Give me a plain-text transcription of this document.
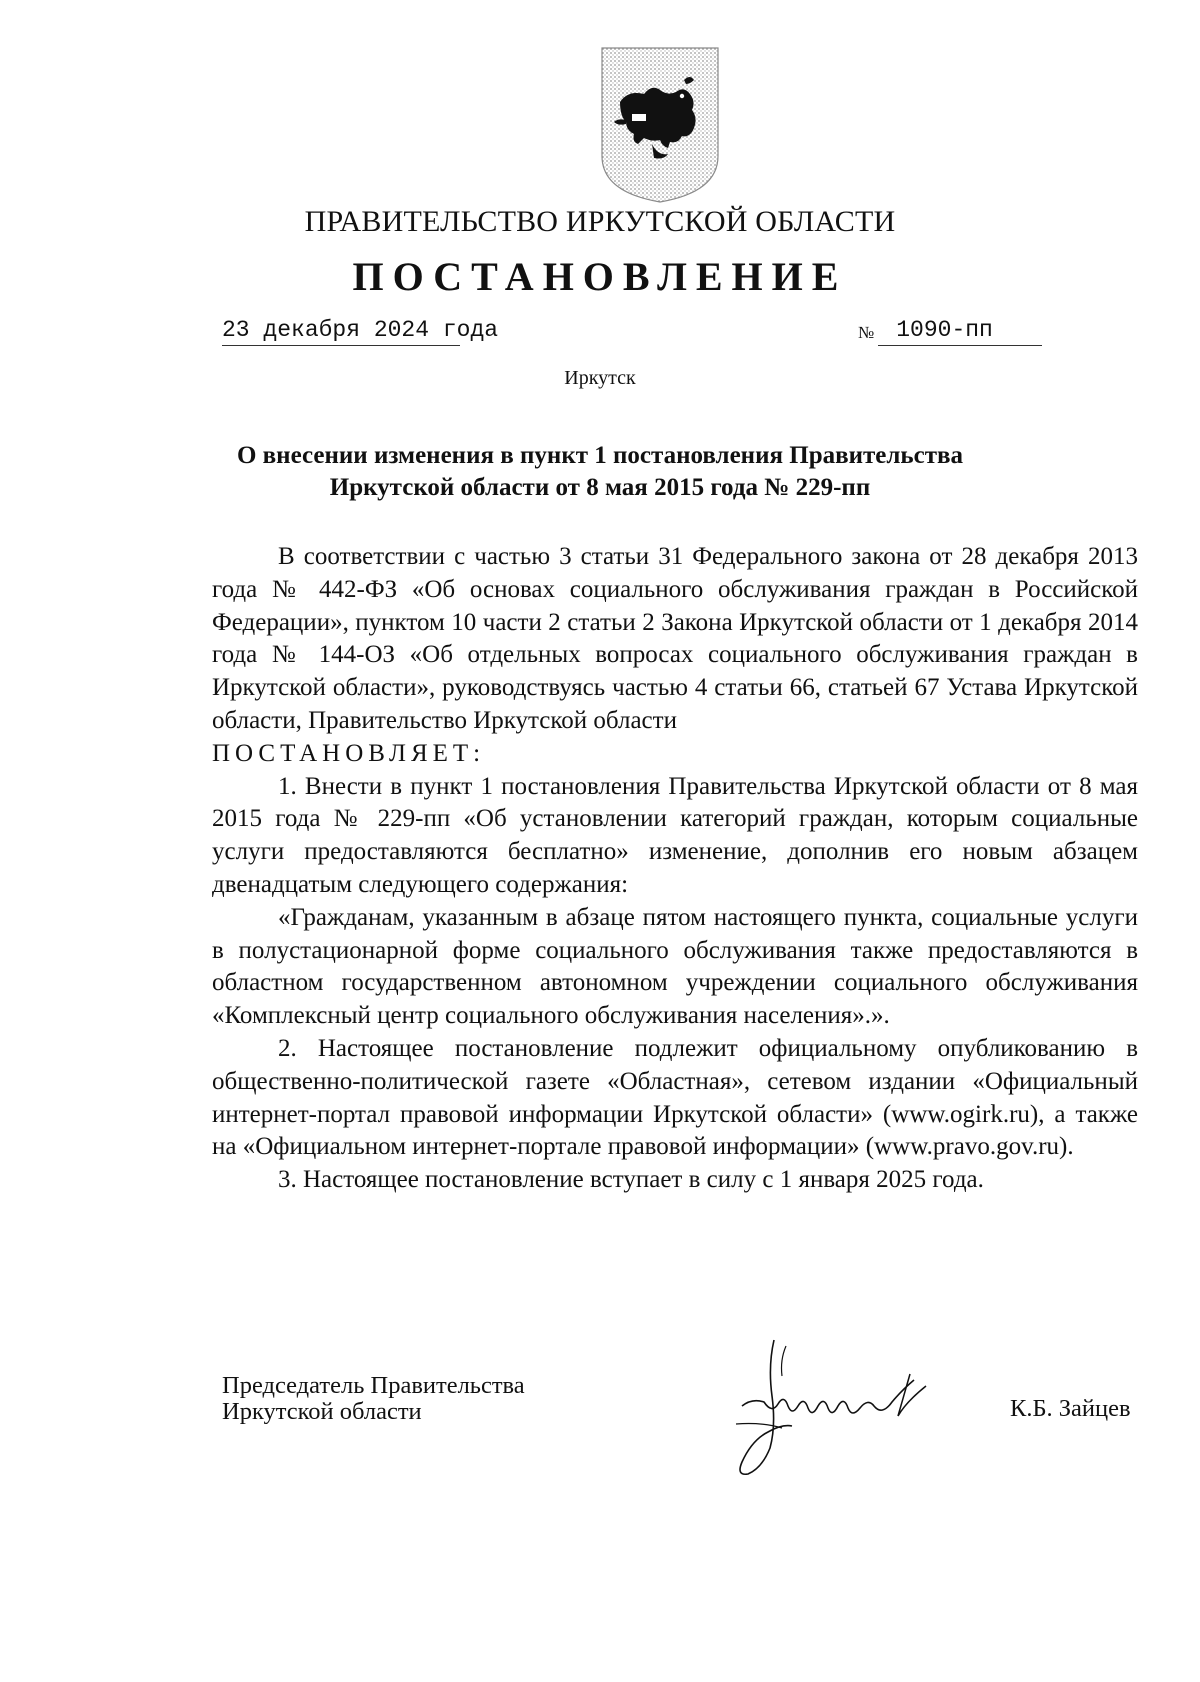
ПРАВИТЕЛЬСТВО ИРКУТСКОЙ ОБЛАСТИ
ПОСТАНОВЛЕНИЕ
23 декабря 2024 года	№ 1090-пп
Иркутск
О внесении изменения в пункт 1 постановления Правительства
Иркутской области от 8 мая 2015 года № 229-пп

В соответствии с частью 3 статьи 31 Федерального закона от 28 декабря 2013 года № 442-ФЗ «Об основах социального обслуживания граждан в Российской Федерации», пунктом 10 части 2 статьи 2 Закона Иркутской области от 1 декабря 2014 года № 144-ОЗ «Об отдельных вопросах социального обслуживания граждан в Иркутской области», руководствуясь частью 4 статьи 66, статьей 67 Устава Иркутской области, Правительство Иркутской области

ПОСТАНОВЛЯЕТ:

1. Внести в пункт 1 постановления Правительства Иркутской области от 8 мая 2015 года № 229-пп «Об установлении категорий граждан, которым социальные услуги предоставляются бесплатно» изменение, дополнив его новым абзацем двенадцатым следующего содержания:

«Гражданам, указанным в абзаце пятом настоящего пункта, социальные услуги в полустационарной форме социального обслуживания также предоставляются в областном государственном автономном учреждении социального обслуживания «Комплексный центр социального обслуживания населения».».

2. Настоящее постановление подлежит официальному опубликованию в общественно-политической газете «Областная», сетевом издании «Официальный интернет-портал правовой информации Иркутской области» (www.ogirk.ru), а также на «Официальном интернет-портале правовой информации» (www.pravo.gov.ru).

3. Настоящее постановление вступает в силу с 1 января 2025 года.

Председатель Правительства
Иркутской области	К.Б. Зайцев
